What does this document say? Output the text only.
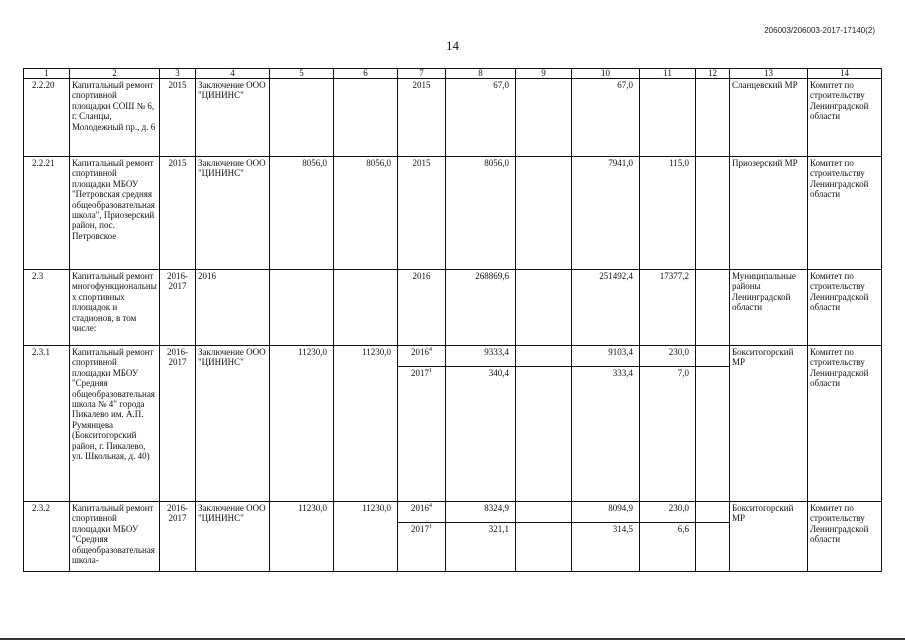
206003/206003-2017-17140(2)
14
1	2	3	4	5	6	7	8	9	10	11	12	13	14
2.2.20	Капитальный ремонт спортивной площадки СОШ № 6, г. Сланцы, Молодежный пр., д. 6	2015	Заключение ООО "ЦИНИНС"			2015	67,0		67,0			Сланцевский МР	Комитет по строительству Ленинградской области
2.2.21	Капитальный ремонт спортивной площадки МБОУ "Петровская средняя общеобразовательная школа", Приозерский район, пос. Петровское	2015	Заключение ООО "ЦИНИНС"	8056,0	8056,0	2015	8056,0		7941,0	115,0		Приозерский МР	Комитет по строительству Ленинградской области
2.3	Капитальный ремонт многофункциональных спортивных площадок и стадионов, в том числе:	2016-2017	2016			2016	268869,6		251492,4	17377,2		Муниципальные районы Ленинградской области	Комитет по строительству Ленинградской области
2.3.1	Капитальный ремонт спортивной площадки МБОУ "Средняя общеобразовательная школа № 4" города Пикалево им. А.П. Румянцева (Бокситогорский район, г. Пикалево, ул. Школьная, д. 40)	2016-2017	Заключение ООО "ЦИНИНС"	11230,0	11230,0	2016$^4$	9333,4		9103,4	230,0		Бокситогорский МР	Комитет по строительству Ленинградской области
						2017$^1$	340,4		333,4	7,0			
2.3.2	Капитальный ремонт спортивной площадки МБОУ "Средняя общеобразовательная школа-	2016-2017	Заключение ООО "ЦИНИНС"	11230,0	11230,0	2016$^4$	8324,9		8094,9	230,0		Бокситогорский МР	Комитет по строительству Ленинградской области
						2017$^1$	321,1		314,5	6,6			
